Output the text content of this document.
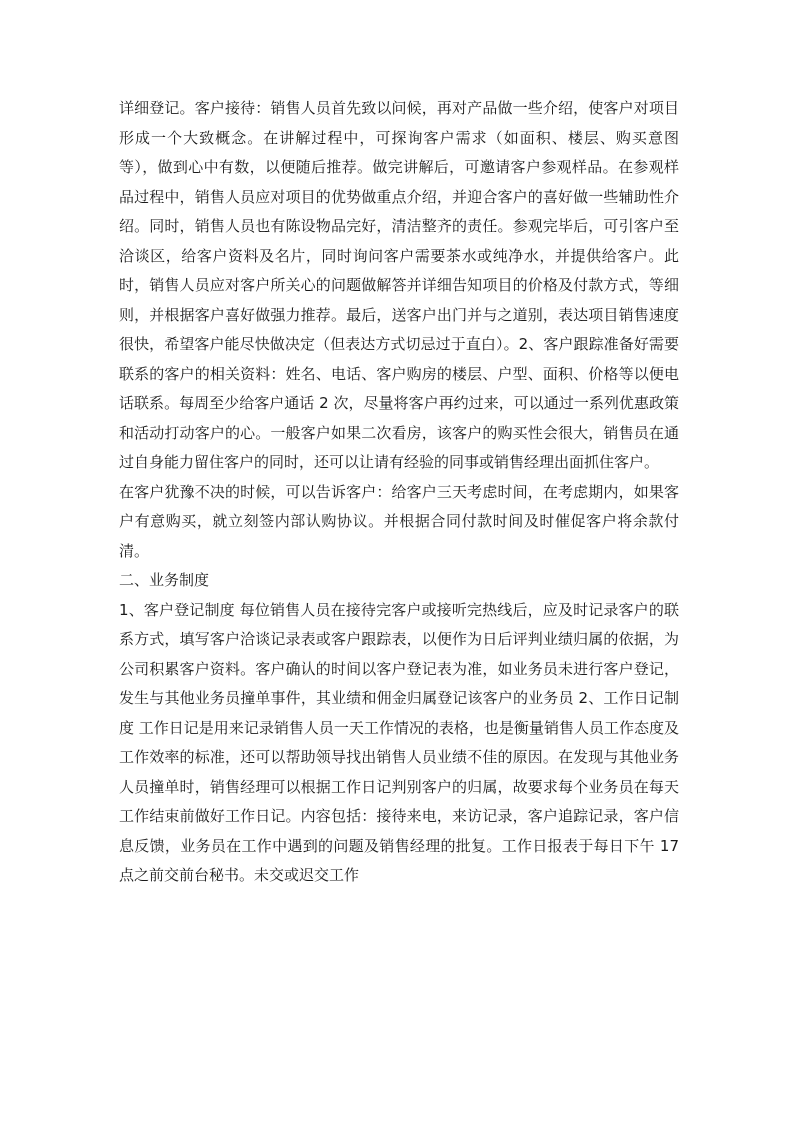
详细登记。客户接待：销售人员首先致以问候，再对产品做一些介绍，使客户对项目形成一个大致概念。在讲解过程中，可探询客户需求（如面积、楼层、购买意图等），做到心中有数，以便随后推荐。做完讲解后，可邀请客户参观样品。在参观样品过程中，销售人员应对项目的优势做重点介绍，并迎合客户的喜好做一些辅助性介绍。同时，销售人员也有陈设物品完好，清洁整齐的责任。参观完毕后，可引客户至洽谈区，给客户资料及名片，同时询问客户需要茶水或纯净水，并提供给客户。此时，销售人员应对客户所关心的问题做解答并详细告知项目的价格及付款方式，等细则，并根据客户喜好做强力推荐。最后，送客户出门并与之道别，表达项目销售速度很快，希望客户能尽快做决定（但表达方式切忌过于直白）。2、客户跟踪准备好需要联系的客户的相关资料：姓名、电话、客户购房的楼层、户型、面积、价格等以便电话联系。每周至少给客户通话 2 次，尽量将客户再约过来，可以通过一系列优惠政策和活动打动客户的心。一般客户如果二次看房，该客户的购买性会很大，销售员在通过自身能力留住客户的同时，还可以让请有经验的同事或销售经理出面抓住客户。

在客户犹豫不决的时候，可以告诉客户：给客户三天考虑时间，在考虑期内，如果客户有意购买，就立刻签内部认购协议。并根据合同付款时间及时催促客户将余款付清。

二、业务制度

1、客户登记制度 每位销售人员在接待完客户或接听完热线后，应及时记录客户的联系方式，填写客户洽谈记录表或客户跟踪表，以便作为日后评判业绩归属的依据，为公司积累客户资料。客户确认的时间以客户登记表为准，如业务员未进行客户登记，发生与其他业务员撞单事件，其业绩和佣金归属登记该客户的业务员 2、工作日记制度 工作日记是用来记录销售人员一天工作情况的表格，也是衡量销售人员工作态度及工作效率的标准，还可以帮助领导找出销售人员业绩不佳的原因。在发现与其他业务人员撞单时，销售经理可以根据工作日记判别客户的归属，故要求每个业务员在每天工作结束前做好工作日记。内容包括：接待来电，来访记录，客户追踪记录，客户信息反馈，业务员在工作中遇到的问题及销售经理的批复。工作日报表于每日下午 17 点之前交前台秘书。未交或迟交工作
